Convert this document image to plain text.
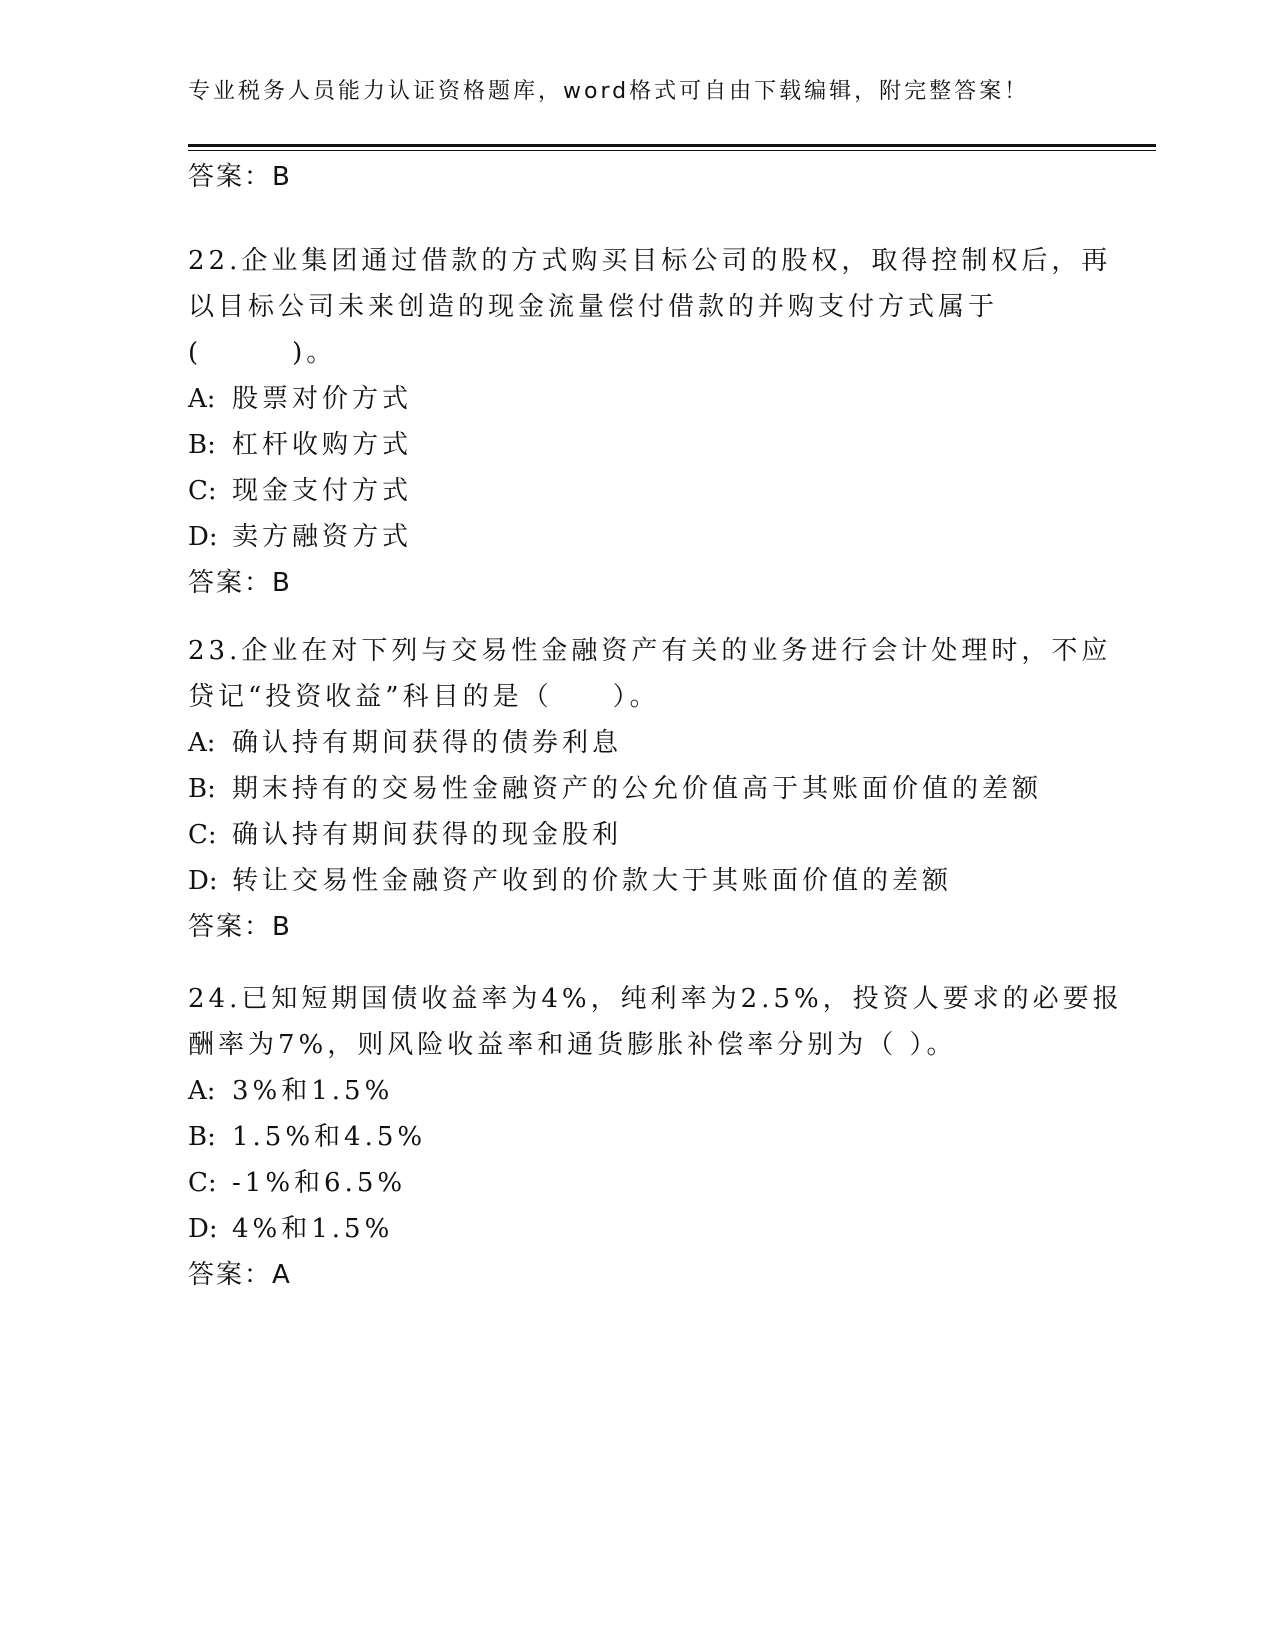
专业税务人员能力认证资格题库，word格式可自由下载编辑，附完整答案！
答案：B
22.企业集团通过借款的方式购买目标公司的股权，取得控制权后，再
以目标公司未来创造的现金流量偿付借款的并购支付方式属于
(　　　)。
A: 股票对价方式
B: 杠杆收购方式
C: 现金支付方式
D: 卖方融资方式
答案：B
23.企业在对下列与交易性金融资产有关的业务进行会计处理时，不应
贷记“投资收益”科目的是（　　）。
A: 确认持有期间获得的债券利息
B: 期末持有的交易性金融资产的公允价值高于其账面价值的差额
C: 确认持有期间获得的现金股利
D: 转让交易性金融资产收到的价款大于其账面价值的差额
答案：B
24.已知短期国债收益率为4%，纯利率为2.5%，投资人要求的必要报
酬率为7%，则风险收益率和通货膨胀补偿率分别为（ ）。
A: 3%和1.5%
B: 1.5%和4.5%
C: -1%和6.5%
D: 4%和1.5%
答案：A
